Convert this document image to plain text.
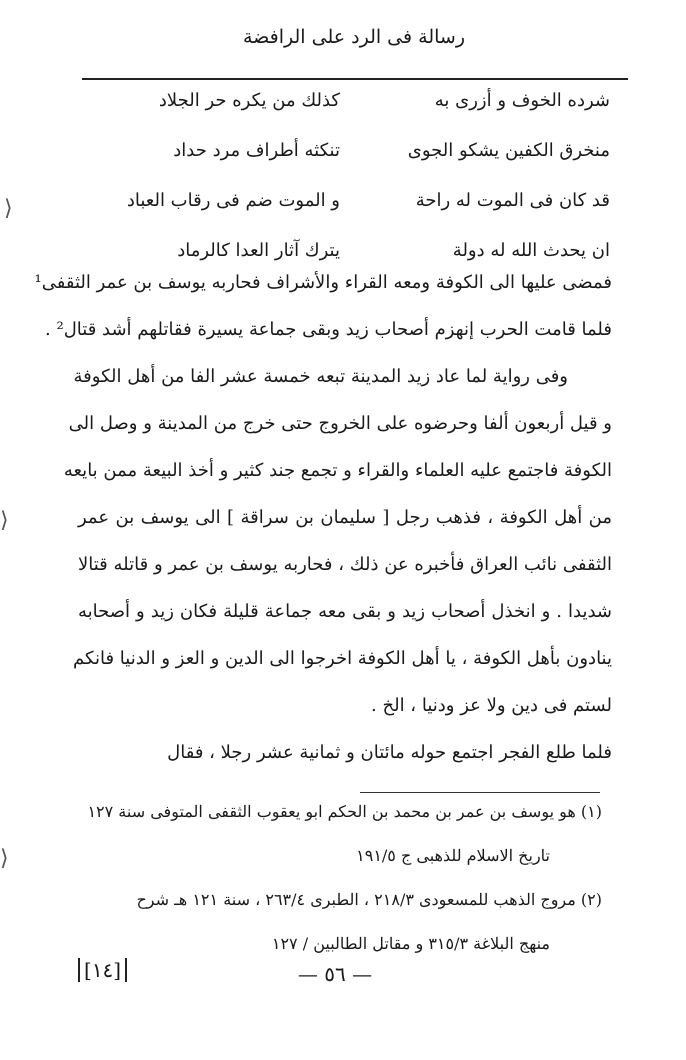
رسالة فى الرد على الرافضة
شرده الخوف و أزرى به
كذلك من يكره حر الجلاد
منخرق الكفين يشكو الجوى
تنكثه أطراف مرد حداد
قد كان فى الموت له راحة
و الموت ضم فى رقاب العباد
ان يحدث الله له دولة
يترك آثار العدا كالرماد
فمضى عليها الى الكوفة ومعه القراء والأشراف فحاربه يوسف بن عمر الثقفى¹
فلما قامت الحرب إنهزم أصحاب زيد وبقى جماعة يسيرة فقاتلهم أشد قتال² .
وفى رواية لما عاد زيد المدينة تبعه خمسة عشر الفا من أهل الكوفة
و قيل أربعون ألفا وحرضوه على الخروج حتى خرج من المدينة و وصل الى
الكوفة فاجتمع عليه العلماء والقراء و تجمع جند كثير و أخذ البيعة ممن بايعه
من أهل الكوفة ، فذهب رجل [ سليمان بن سراقة ] الى يوسف بن عمر
الثقفى نائب العراق فأخبره عن ذلك ، فحاربه يوسف بن عمر و قاتله قتالا
شديدا . و انخذل أصحاب زيد و بقى معه جماعة قليلة فكان زيد و أصحابه
ينادون بأهل الكوفة ، يا أهل الكوفة اخرجوا الى الدين و العز و الدنيا فانكم
لستم فى دين ولا عز ودنيا ، الخ .
فلما طلع الفجر اجتمع حوله مائتان و ثمانية عشر رجلا ، فقال
(١) هو يوسف بن عمر بن محمد بن الحكم ابو يعقوب الثقفى المتوفى سنة ١٢٧
تاريخ الاسلام للذهبى ج ١٩١/٥
(٢) مروج الذهب للمسعودى ٢١٨/٣ ، الطبرى ٢٦٣/٤ ، سنة ١٢١ هـ شرح
منهج البلاغة ٣١٥/٣ و مقاتل الطالبين / ١٢٧
— ٥٦ —
[١٤]
⟩
⟩
⟩
